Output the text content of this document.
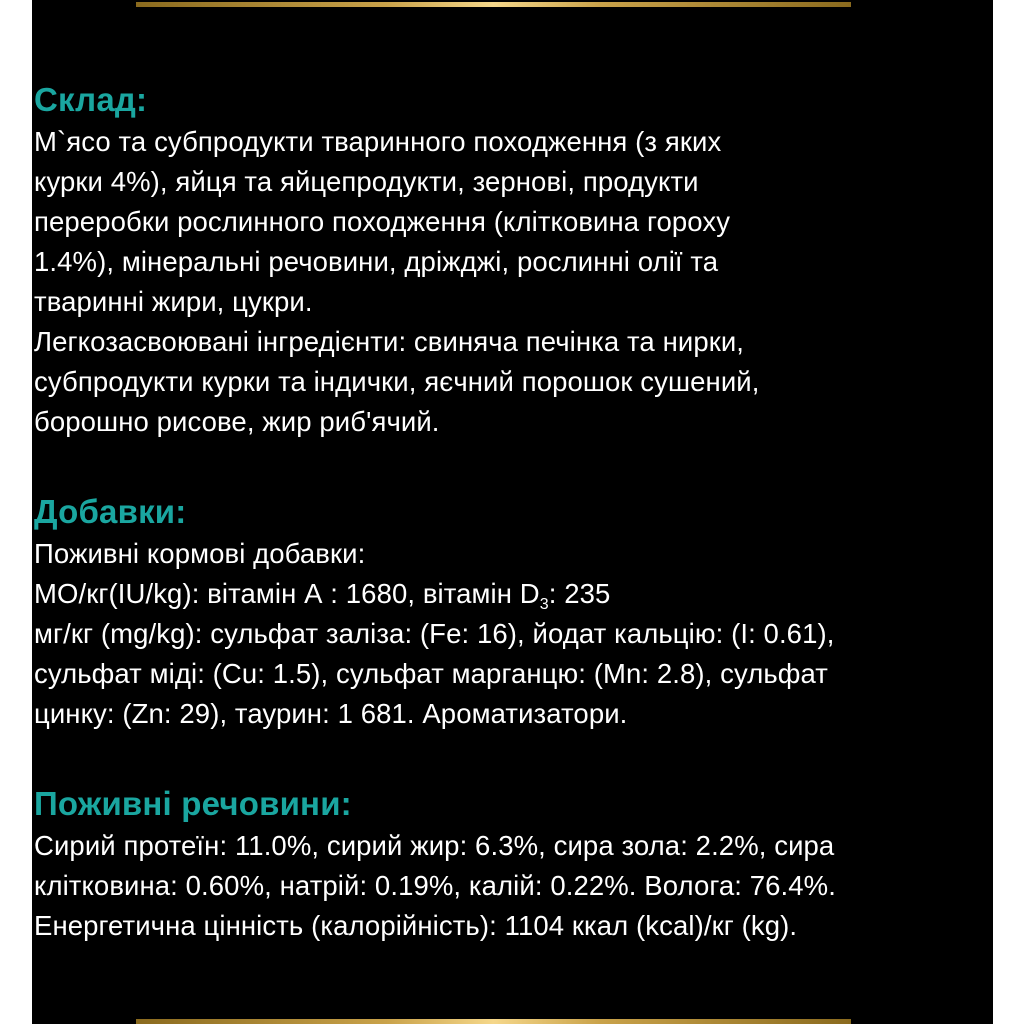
Склад:

М`ясо та субпродукти тваринного походження (з яких

курки 4%), яйця та яйцепродукти, зернові, продукти

переробки рослинного походження (клітковина гороху

1.4%), мінеральні речовини, дріжджі, рослинні олії та

тваринні жири, цукри.

Легкозасвоювані інгредієнти: свиняча печінка та нирки,

субпродукти курки та індички, яєчний порошок сушений,

борошно рисове, жир риб'ячий.

Добавки:

Поживні кормові добавки:

МО/кг(IU/kg): вітамін А : 1680, вітамін $D_3$: 235

мг/кг (mg/kg): сульфат заліза: (Fe: 16), йодат кальцію: (I: 0.61),

сульфат міді: (Cu: 1.5), сульфат марганцю: (Mn: 2.8), сульфат

цинку: (Zn: 29), таурин: 1 681. Ароматизатори.

Поживні речовини:

Сирий протеїн: 11.0%, сирий жир: 6.3%, сира зола: 2.2%, сира

клітковина: 0.60%, натрій: 0.19%, калій: 0.22%. Волога: 76.4%.

Енергетична цінність (калорійність): 1104 ккал (kcal)/кг (kg).
